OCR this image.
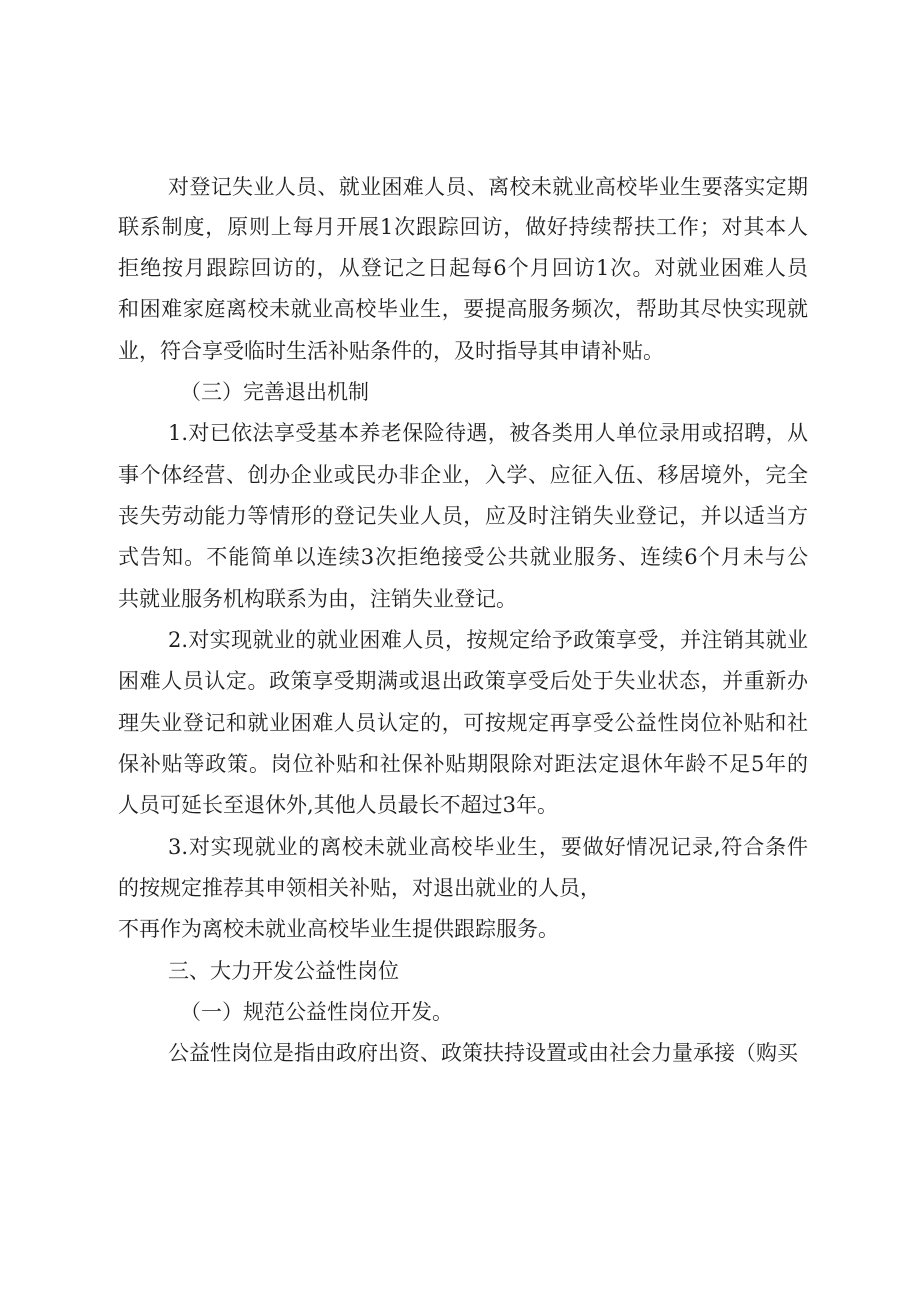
对登记失业人员、就业困难人员、离校未就业高校毕业生要落实定期
联系制度，原则上每月开展1次跟踪回访，做好持续帮扶工作；对其本人
拒绝按月跟踪回访的，从登记之日起每6个月回访1次。对就业困难人员
和困难家庭离校未就业高校毕业生，要提高服务频次，帮助其尽快实现就
业，符合享受临时生活补贴条件的，及时指导其申请补贴。
（三）完善退出机制
1.对已依法享受基本养老保险待遇，被各类用人单位录用或招聘，从
事个体经营、创办企业或民办非企业，入学、应征入伍、移居境外，完全
丧失劳动能力等情形的登记失业人员，应及时注销失业登记，并以适当方
式告知。不能简单以连续3次拒绝接受公共就业服务、连续6个月未与公
共就业服务机构联系为由，注销失业登记。
2.对实现就业的就业困难人员，按规定给予政策享受，并注销其就业
困难人员认定。政策享受期满或退出政策享受后处于失业状态，并重新办
理失业登记和就业困难人员认定的，可按规定再享受公益性岗位补贴和社
保补贴等政策。岗位补贴和社保补贴期限除对距法定退休年龄不足5年的
人员可延长至退休外,其他人员最长不超过3年。
3.对实现就业的离校未就业高校毕业生，要做好情况记录,符合条件
的按规定推荐其申领相关补贴，对退出就业的人员，
不再作为离校未就业高校毕业生提供跟踪服务。
三、大力开发公益性岗位
（一）规范公益性岗位开发。
公益性岗位是指由政府出资、政策扶持设置或由社会力量承接（购买
